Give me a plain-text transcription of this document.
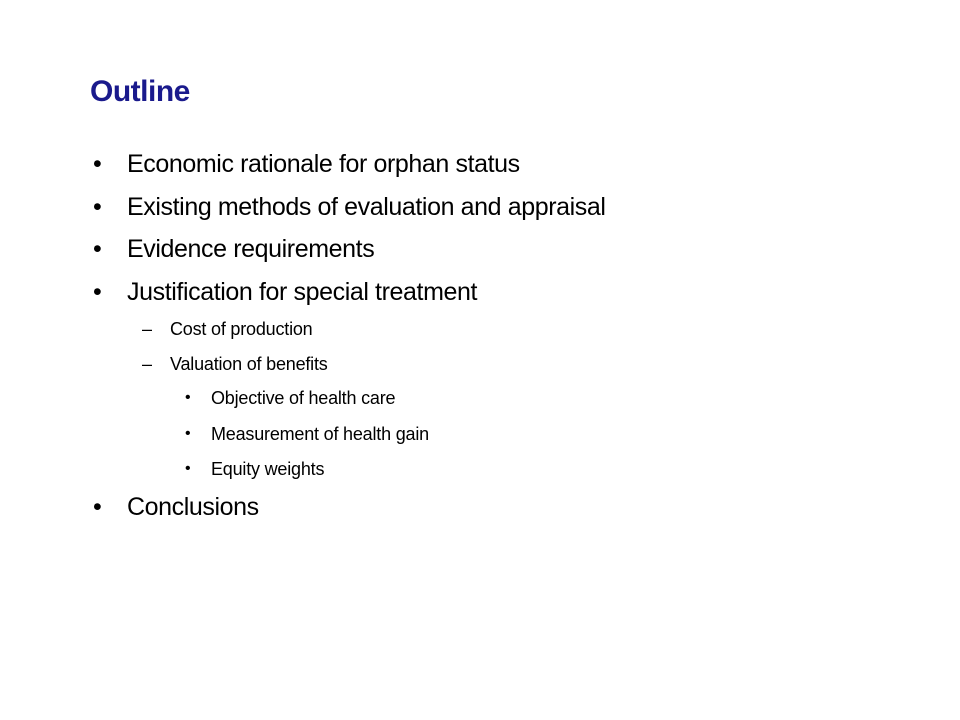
Outline
• Economic rationale for orphan status
• Existing methods of evaluation and appraisal
• Evidence requirements
• Justification for special treatment
– Cost of production
– Valuation of benefits
• Objective of health care
• Measurement of health gain
• Equity weights
• Conclusions
